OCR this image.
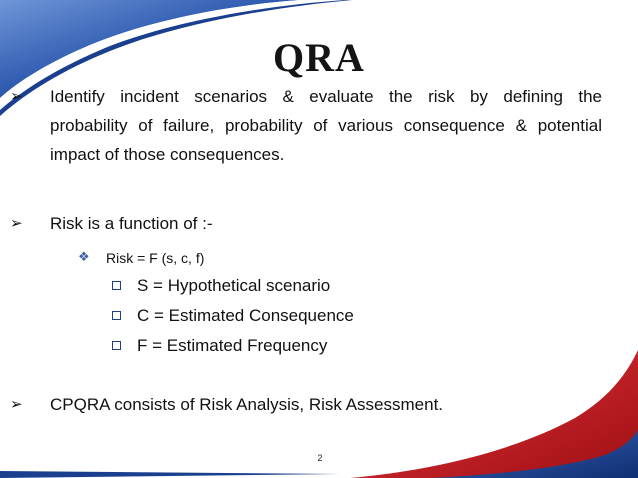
QRA
➢ Identify incident scenarios & evaluate the risk by defining the
probability of failure, probability of various consequence & potential
impact of those consequences.
➢ Risk is a function of :-
❖ Risk = F (s, c, f)
S = Hypothetical scenario
C = Estimated Consequence
F = Estimated Frequency
➢ CPQRA consists of Risk Analysis, Risk Assessment.
2
